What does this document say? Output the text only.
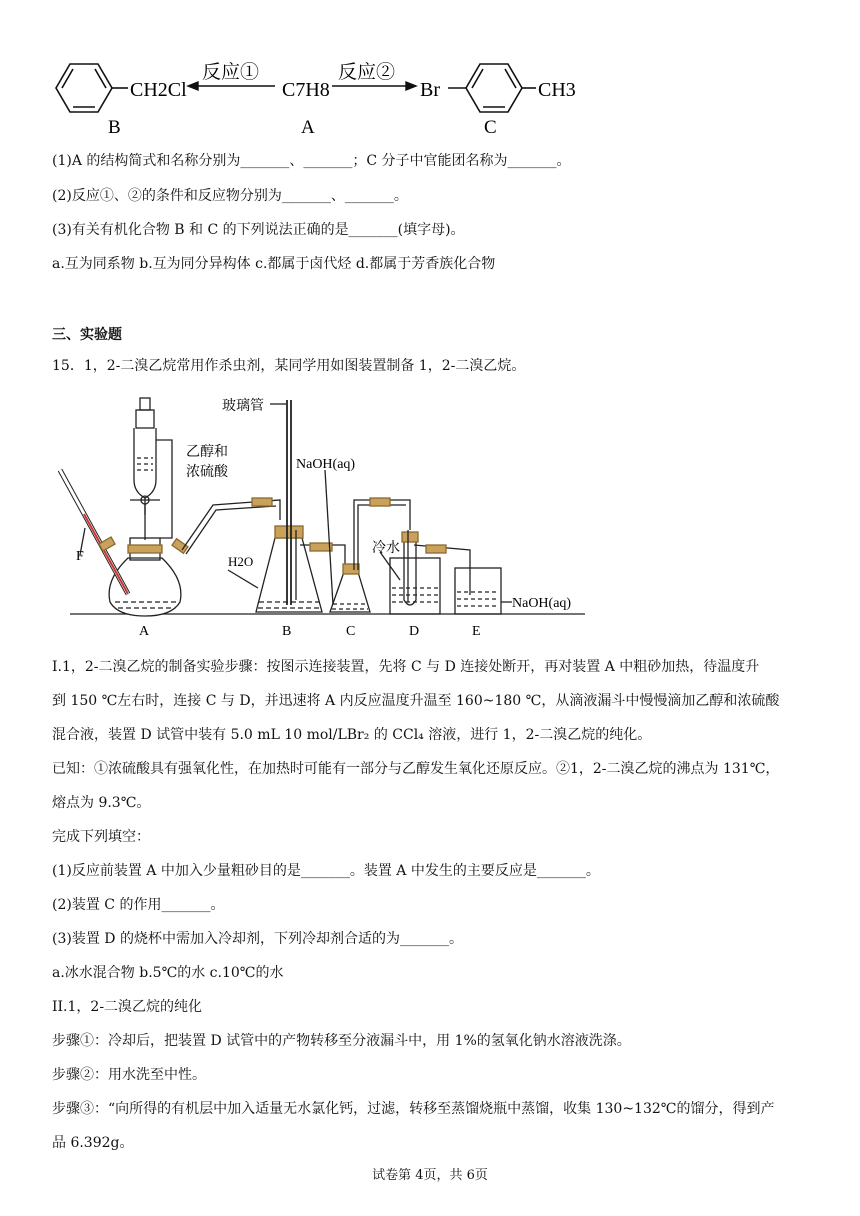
CH2Cl
反应①
C7H8
反应②
Br	CH3
B	A	C
(1)A 的结构简式和名称分别为_______、_______；C 分子中官能团名称为_______。
(2)反应①、②的条件和反应物分别为_______、_______。
(3)有关有机化合物 B 和 C 的下列说法正确的是_______(填字母)。
a.互为同系物 b.互为同分异构体 c.都属于卤代烃 d.都属于芳香族化合物
三、实验题
15．1，2-二溴乙烷常用作杀虫剂，某同学用如图装置制备 1，2-二溴乙烷。
玻璃管
乙醇和
浓硫酸
NaOH(aq)
冷水
H2O
NaOH(aq)
F
A	B	C	D	E
I.1，2-二溴乙烷的制备实验步骤：按图示连接装置，先将 C 与 D 连接处断开，再对装置 A 中粗砂加热，待温度升
到 150 ℃左右时，连接 C 与 D，并迅速将 A 内反应温度升温至 160~180 ℃，从滴液漏斗中慢慢滴加乙醇和浓硫酸
混合液，装置 D 试管中装有 5.0 mL 10 mol/LBr₂ 的 CCl₄ 溶液，进行 1，2-二溴乙烷的纯化。
已知：①浓硫酸具有强氧化性，在加热时可能有一部分与乙醇发生氧化还原反应。②1，2-二溴乙烷的沸点为 131℃，
熔点为 9.3℃。
完成下列填空：
(1)反应前装置 A 中加入少量粗砂目的是_______。装置 A 中发生的主要反应是_______。
(2)装置 C 的作用_______。
(3)装置 D 的烧杯中需加入冷却剂，下列冷却剂合适的为_______。
a.冰水混合物 b.5℃的水 c.10℃的水
II.1，2-二溴乙烷的纯化
步骤①：冷却后，把装置 D 试管中的产物转移至分液漏斗中，用 1%的氢氧化钠水溶液洗涤。
步骤②：用水洗至中性。
步骤③：“向所得的有机层中加入适量无水氯化钙，过滤，转移至蒸馏烧瓶中蒸馏，收集 130~132℃的馏分，得到产
品 6.392g。
试卷第 4页，共 6页
